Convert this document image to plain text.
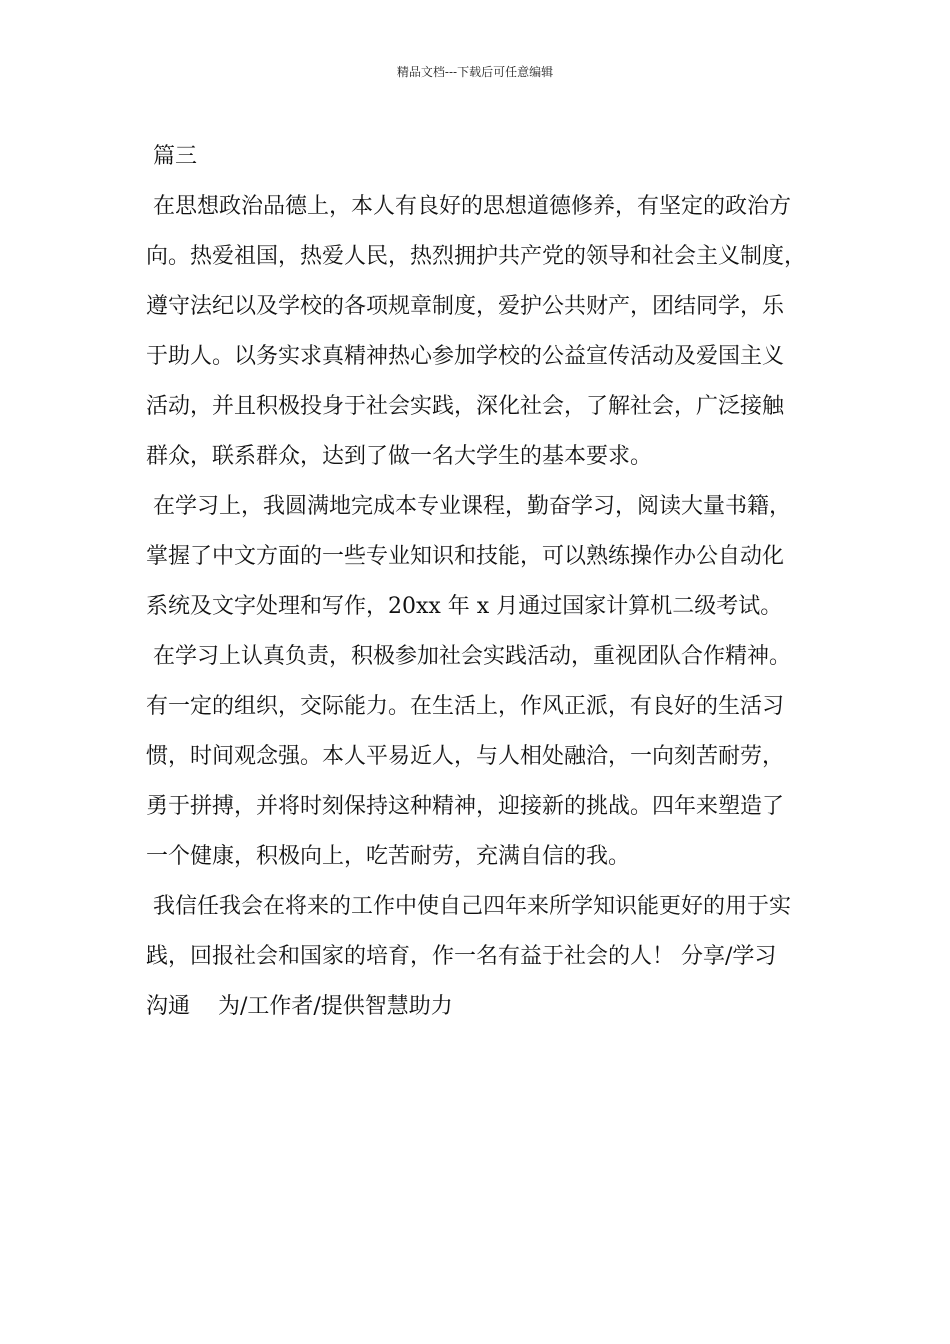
精品文档---下载后可任意编辑
篇三
在思想政治品德上，本人有良好的思想道德修养，有坚定的政治方
向。热爱祖国，热爱人民，热烈拥护共产党的领导和社会主义制度，
遵守法纪以及学校的各项规章制度，爱护公共财产，团结同学，乐
于助人。以务实求真精神热心参加学校的公益宣传活动及爱国主义
活动，并且积极投身于社会实践，深化社会，了解社会，广泛接触
群众，联系群众，达到了做一名大学生的基本要求。
在学习上，我圆满地完成本专业课程，勤奋学习，阅读大量书籍，
掌握了中文方面的一些专业知识和技能，可以熟练操作办公自动化
系统及文字处理和写作，20xx 年 x 月通过国家计算机二级考试。
在学习上认真负责，积极参加社会实践活动，重视团队合作精神。
有一定的组织，交际能力。在生活上，作风正派，有良好的生活习
惯，时间观念强。本人平易近人，与人相处融洽，一向刻苦耐劳，
勇于拼搏，并将时刻保持这种精神，迎接新的挑战。四年来塑造了
一个健康，积极向上，吃苦耐劳，充满自信的我。
我信任我会在将来的工作中使自己四年来所学知识能更好的用于实
践，回报社会和国家的培育，作一名有益于社会的人！ 分享/学习
沟通    为/工作者/提供智慧助力
